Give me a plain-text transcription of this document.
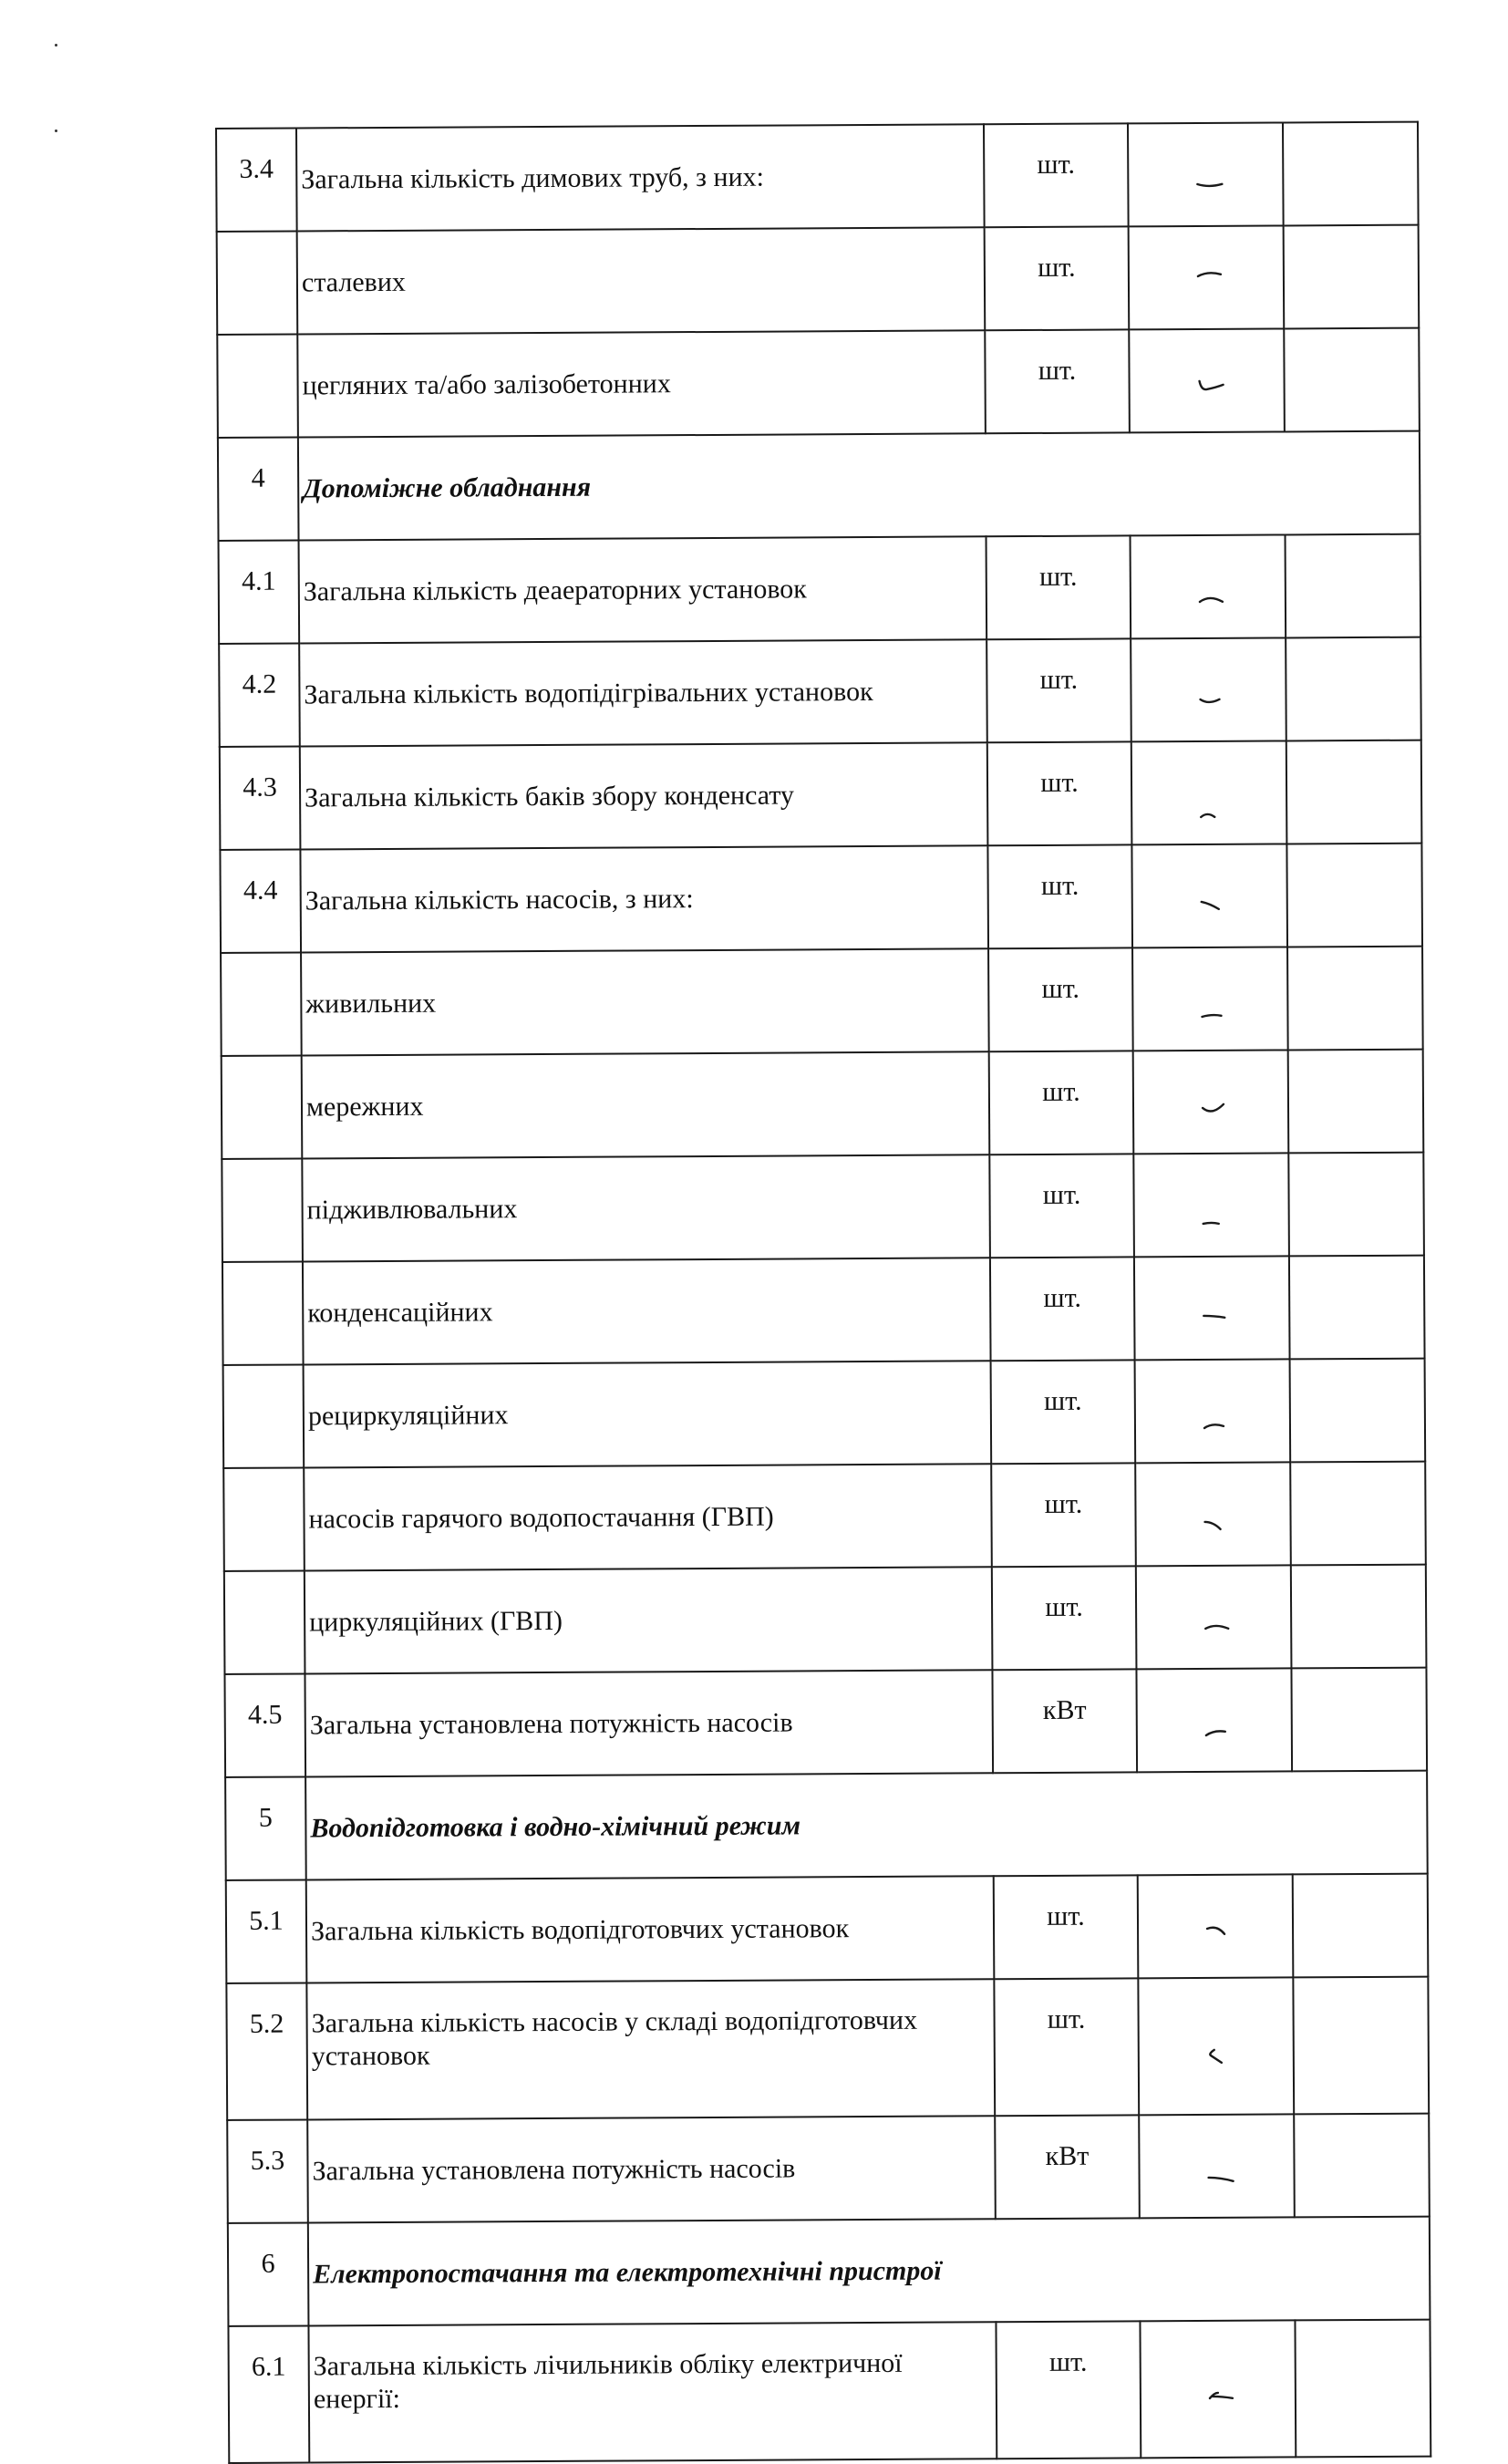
3.4	Загальна кількість димових труб, з них:	шт.	

	сталевих	шт.	

	цегляних та/або залізобетонних	шт.	

4	Допоміжне обладнання			
4.1	Загальна кількість деаераторних установок	шт.	

4.2	Загальна кількість водопідігрівальних установок	шт.	

4.3	Загальна кількість баків збору конденсату	шт.	

4.4	Загальна кількість насосів, з них:	шт.	

	живильних	шт.	

	мережних	шт.	

	підживлювальних	шт.	

	конденсаційних	шт.	

	рециркуляційних	шт.	

	насосів гарячого водопостачання (ГВП)	шт.	

	циркуляційних (ГВП)	шт.	

4.5	Загальна установлена потужність насосів	кВт	

5	Водопідготовка і водно-хімічний режим			
5.1	Загальна кількість водопідготовчих установок	шт.	

5.2	Загальна кількість насосів у складі водопідготовчих установок	шт.	

5.3	Загальна установлена потужність насосів	кВт	

6	Електропостачання та електротехнічні пристрої			
6.1	Загальна кількість лічильників обліку електричної енергії:	шт.	
